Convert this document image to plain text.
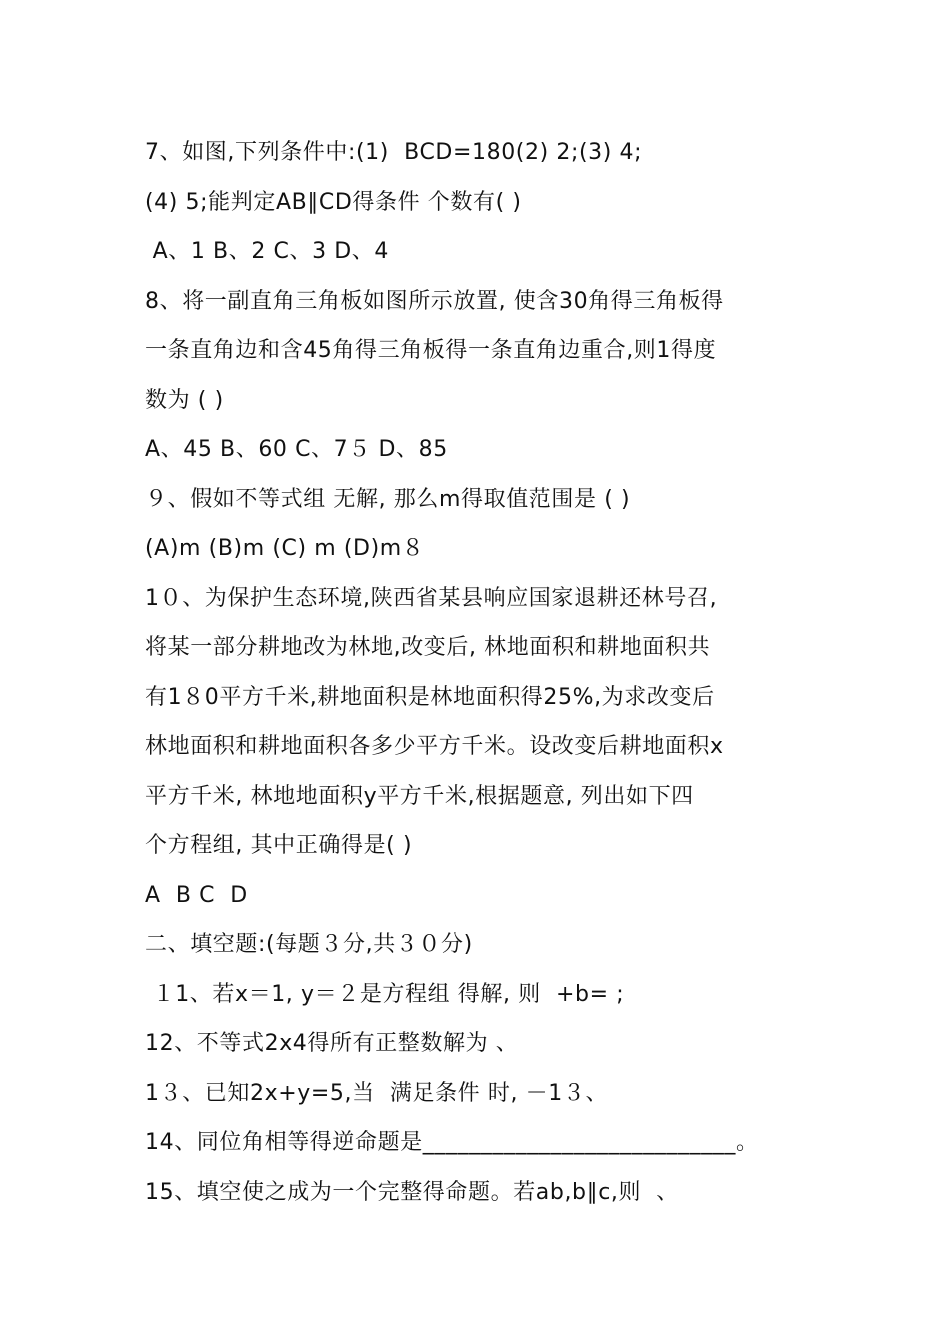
7、如图,下列条件中:(1)  BCD=180(2) 2;(3) 4;
(4) 5;能判定AB∥CD得条件 个数有( )
A、1 B、2 C、3 D、4
8、将一副直角三角板如图所示放置, 使含30角得三角板得
一条直角边和含45角得三角板得一条直角边重合,则1得度
数为 ( )
A、45 B、60 C、7５ D、85
９、假如不等式组 无解, 那么m得取值范围是 ( )
(A)m (B)m (C) m (D)m８
1０、为保护生态环境,陕西省某县响应国家退耕还林号召,
将某一部分耕地改为林地,改变后, 林地面积和耕地面积共
有1８0平方千米,耕地面积是林地面积得25%,为求改变后
林地面积和耕地面积各多少平方千米。设改变后耕地面积x
平方千米, 林地地面积y平方千米,根据题意, 列出如下四
个方程组, 其中正确得是( )
A  B C  D
二、填空题:(每题３分,共３０分)
１1、若x＝1, y＝２是方程组 得解, 则  +b= ;
12、不等式2x4得所有正整数解为 、
1３、已知2x+y=5,当  满足条件 时, －1３、
14、同位角相等得逆命题是___________________________。
15、填空使之成为一个完整得命题。若ab,b∥c,则  、
